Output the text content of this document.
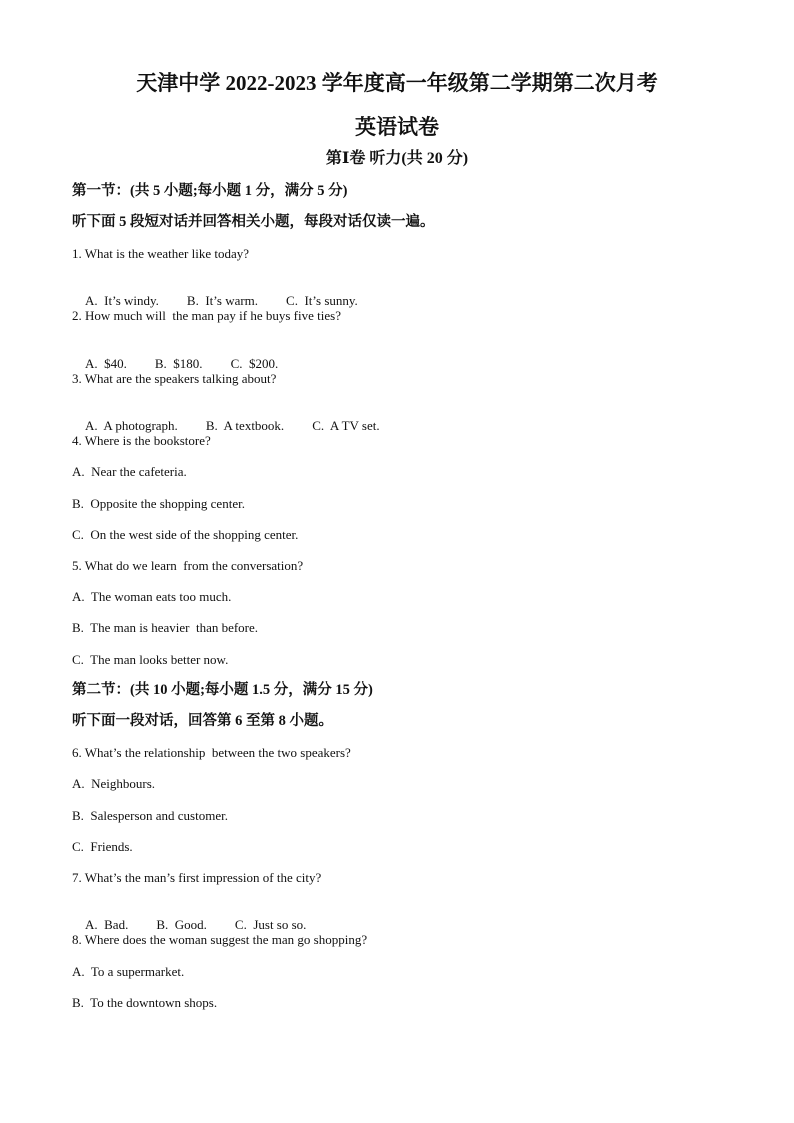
天津中学 2022-2023 学年度高一年级第二学期第二次月考
英语试卷
第Ⅰ卷 听力(共 20 分)
第一节：(共 5 小题;每小题 1 分，满分 5 分)
听下面 5 段短对话并回答相关小题，每段对话仅读一遍。
1. What is the weather like today?

A.  It’s windy. B.  It’s warm. C.  It’s sunny.

2. How much will  the man pay if he buys five ties?

A.  $40. B.  $180. C.  $200.

3. What are the speakers talking about?

A.  A photograph. B.  A textbook. C.  A TV set.

4. Where is the bookstore?
A.  Near the cafeteria.
B.  Opposite the shopping center.
C.  On the west side of the shopping center.
5. What do we learn  from the conversation?
A.  The woman eats too much.
B.  The man is heavier  than before.
C.  The man looks better now.
第二节：(共 10 小题;每小题 1.5 分，满分 15 分)
听下面一段对话，回答第 6 至第 8 小题。
6. What’s the relationship  between the two speakers?
A.  Neighbours.
B.  Salesperson and customer.
C.  Friends.
7. What’s the man’s first impression of the city?

A.  Bad. B.  Good. C.  Just so so.

8. Where does the woman suggest the man go shopping?
A.  To a supermarket.
B.  To the downtown shops.
